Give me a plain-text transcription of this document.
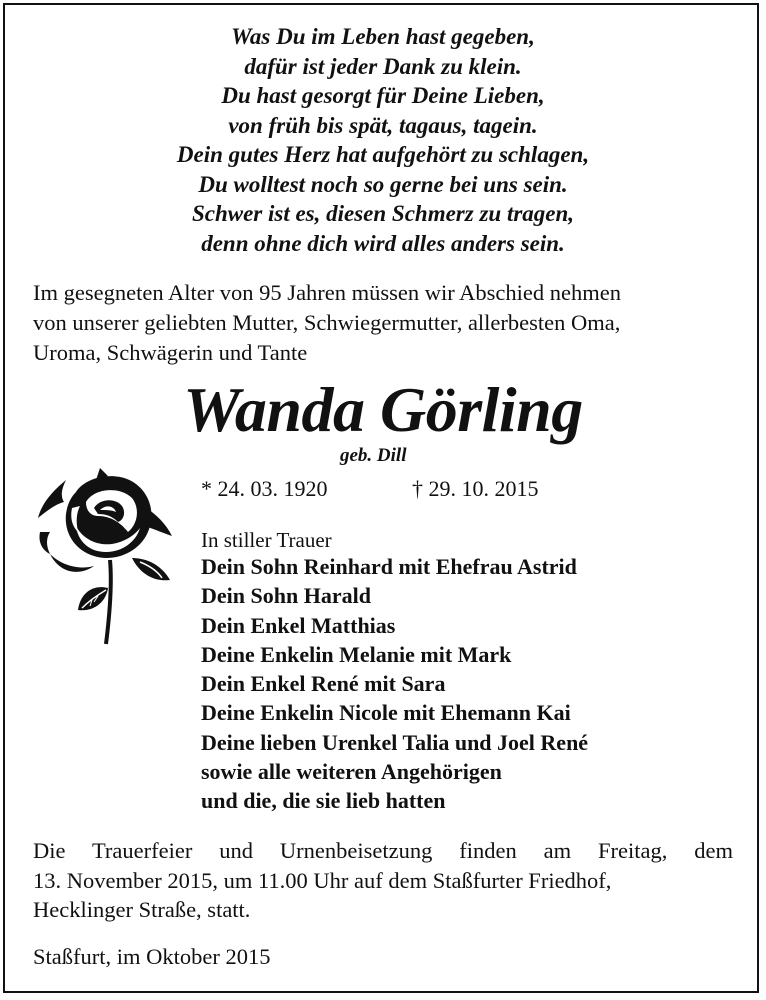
Was Du im Leben hast gegeben,
dafür ist jeder Dank zu klein.
Du hast gesorgt für Deine Lieben,
von früh bis spät, tagaus, tagein.
Dein gutes Herz hat aufgehört zu schlagen,
Du wolltest noch so gerne bei uns sein.
Schwer ist es, diesen Schmerz zu tragen,
denn ohne dich wird alles anders sein.
Im gesegneten Alter von 95 Jahren müssen wir Abschied nehmen
von unserer geliebten Mutter, Schwiegermutter, allerbesten Oma,
Uroma, Schwägerin und Tante
Wanda Görling
geb. Dill
* 24. 03. 1920	† 29. 10. 2015
In stiller Trauer
Dein Sohn Reinhard mit Ehefrau Astrid
Dein Sohn Harald
Dein Enkel Matthias
Deine Enkelin Melanie mit Mark
Dein Enkel René mit Sara
Deine Enkelin Nicole mit Ehemann Kai
Deine lieben Urenkel Talia und Joel René
sowie alle weiteren Angehörigen
und die, die sie lieb hatten
Die Trauerfeier und Urnenbeisetzung finden am Freitag, dem
13. November 2015, um 11.00 Uhr auf dem Staßfurter Friedhof,
Hecklinger Straße, statt.
Staßfurt, im Oktober 2015
